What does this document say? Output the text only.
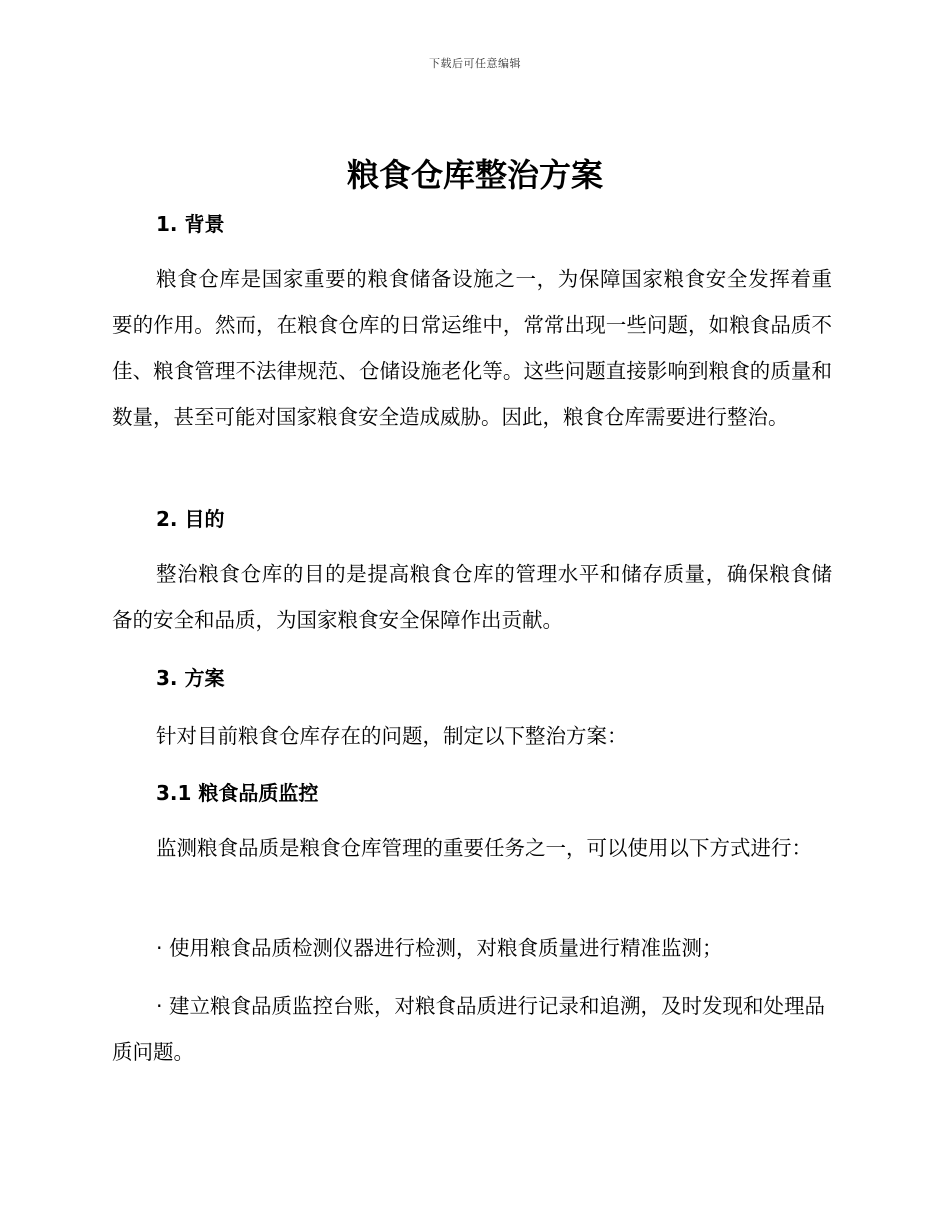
下载后可任意编辑
粮食仓库整治方案
1. 背景
粮食仓库是国家重要的粮食储备设施之一，为保障国家粮食安全发挥着重要的作用。然而，在粮食仓库的日常运维中，常常出现一些问题，如粮食品质不佳、粮食管理不法律规范、仓储设施老化等。这些问题直接影响到粮食的质量和数量，甚至可能对国家粮食安全造成威胁。因此，粮食仓库需要进行整治。
2. 目的
整治粮食仓库的目的是提高粮食仓库的管理水平和储存质量，确保粮食储备的安全和品质，为国家粮食安全保障作出贡献。
3. 方案
针对目前粮食仓库存在的问题，制定以下整治方案：
3.1 粮食品质监控
监测粮食品质是粮食仓库管理的重要任务之一，可以使用以下方式进行：
· 使用粮食品质检测仪器进行检测，对粮食质量进行精准监测；
· 建立粮食品质监控台账，对粮食品质进行记录和追溯，及时发现和处理品质问题。
